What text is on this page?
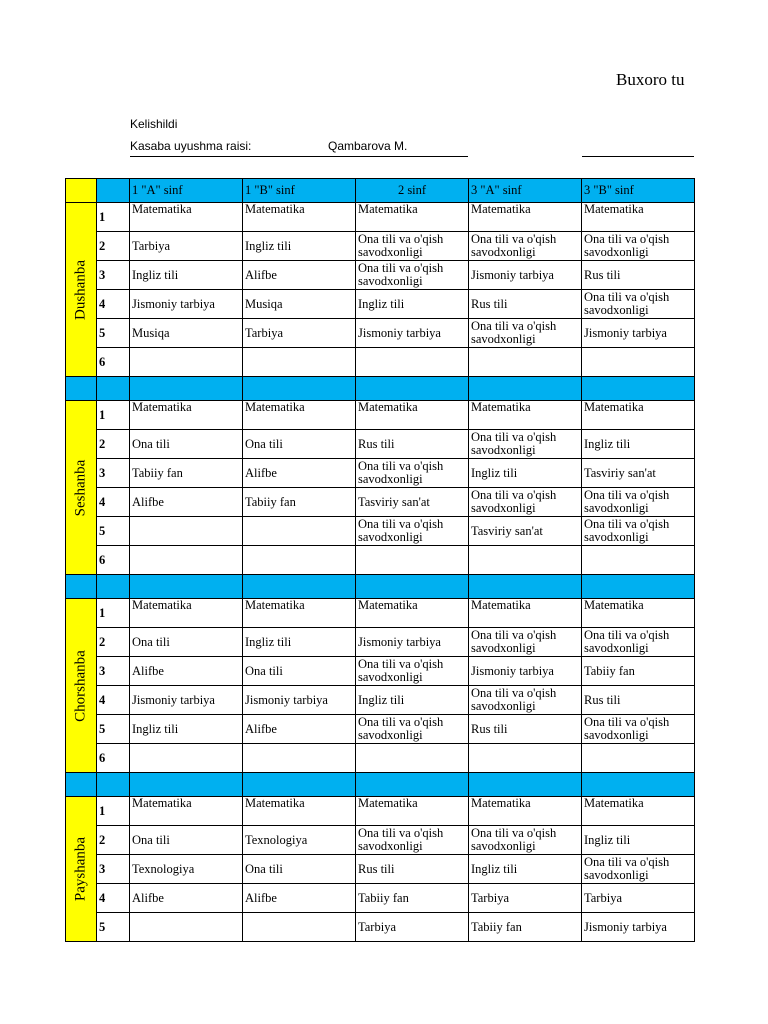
Buxoro tu
Kelishildi
Kasaba uyushma raisi:	Qambarova M.
		1 "A" sinf	1 "B" sinf	2 sinf	3 "A" sinf	3 "B" sinf

Dushanba	1	Matematika	Matematika	Matematika	Matematika	Matematika
	2	Tarbiya	Ingliz tili	Ona tili va o'qish savodxonligi	Ona tili va o'qish savodxonligi	Ona tili va o'qish savodxonligi
	3	Ingliz tili	Alifbe	Ona tili va o'qish savodxonligi	Jismoniy tarbiya	Rus tili
	4	Jismoniy tarbiya	Musiqa	Ingliz tili	Rus tili	Ona tili va o'qish savodxonligi
	5	Musiqa	Tarbiya	Jismoniy tarbiya	Ona tili va o'qish savodxonligi	Jismoniy tarbiya
	6					

Seshanba	1	Matematika	Matematika	Matematika	Matematika	Matematika
	2	Ona tili	Ona tili	Rus tili	Ona tili va o'qish savodxonligi	Ingliz tili
	3	Tabiiy fan	Alifbe	Ona tili va o'qish savodxonligi	Ingliz tili	Tasviriy san'at
	4	Alifbe	Tabiiy fan	Tasviriy san'at	Ona tili va o'qish savodxonligi	Ona tili va o'qish savodxonligi
	5			Ona tili va o'qish savodxonligi	Tasviriy san'at	Ona tili va o'qish savodxonligi
	6					

Chorshanba	1	Matematika	Matematika	Matematika	Matematika	Matematika
	2	Ona tili	Ingliz tili	Jismoniy tarbiya	Ona tili va o'qish savodxonligi	Ona tili va o'qish savodxonligi
	3	Alifbe	Ona tili	Ona tili va o'qish savodxonligi	Jismoniy tarbiya	Tabiiy fan
	4	Jismoniy tarbiya	Jismoniy tarbiya	Ingliz tili	Ona tili va o'qish savodxonligi	Rus tili
	5	Ingliz tili	Alifbe	Ona tili va o'qish savodxonligi	Rus tili	Ona tili va o'qish savodxonligi
	6					

Payshanba	1	Matematika	Matematika	Matematika	Matematika	Matematika
	2	Ona tili	Texnologiya	Ona tili va o'qish savodxonligi	Ona tili va o'qish savodxonligi	Ingliz tili
	3	Texnologiya	Ona tili	Rus tili	Ingliz tili	Ona tili va o'qish savodxonligi
	4	Alifbe	Alifbe	Tabiiy fan	Tarbiya	Tarbiya
	5			Tarbiya	Tabiiy fan	Jismoniy tarbiya
